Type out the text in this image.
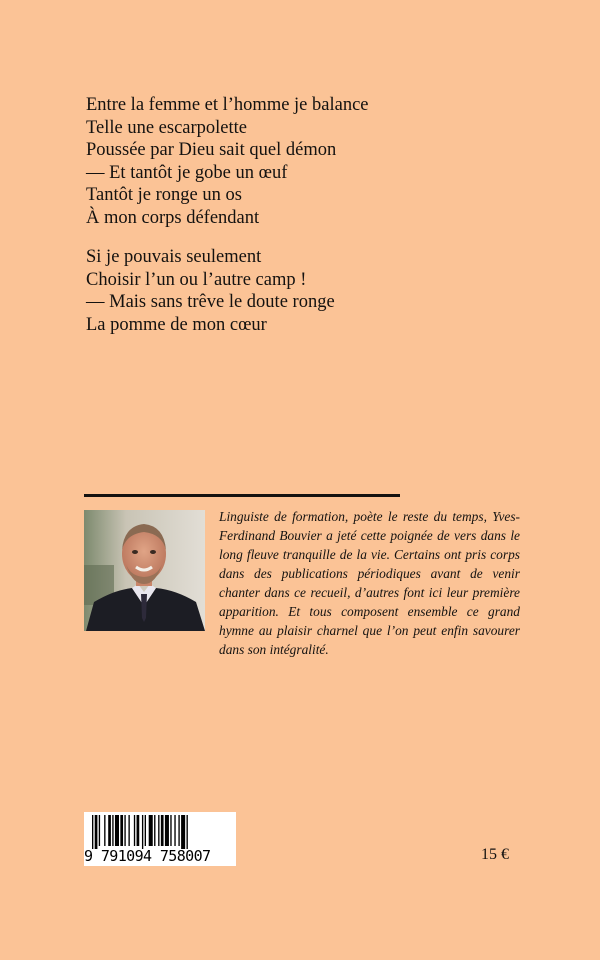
Entre la femme et l’homme je balance
Telle une escarpolette
Poussée par Dieu sait quel démon
— Et tantôt je gobe un œuf
Tantôt je ronge un os
À mon corps défendant
Si je pouvais seulement
Choisir l’un ou l’autre camp !
— Mais sans trêve le doute ronge
La pomme de mon cœur
Linguiste de formation, poète le reste du temps, Yves-Ferdinand Bouvier a jeté cette poignée de vers dans le long fleuve tranquille de la vie. Certains ont pris corps dans des publications périodiques avant de venir chanter dans ce recueil, d’autres font ici leur première apparition. Et tous composent ensemble ce grand hymne au plaisir charnel que l’on peut enfin savourer dans son intégralité.
9 791094 758007	15 €
